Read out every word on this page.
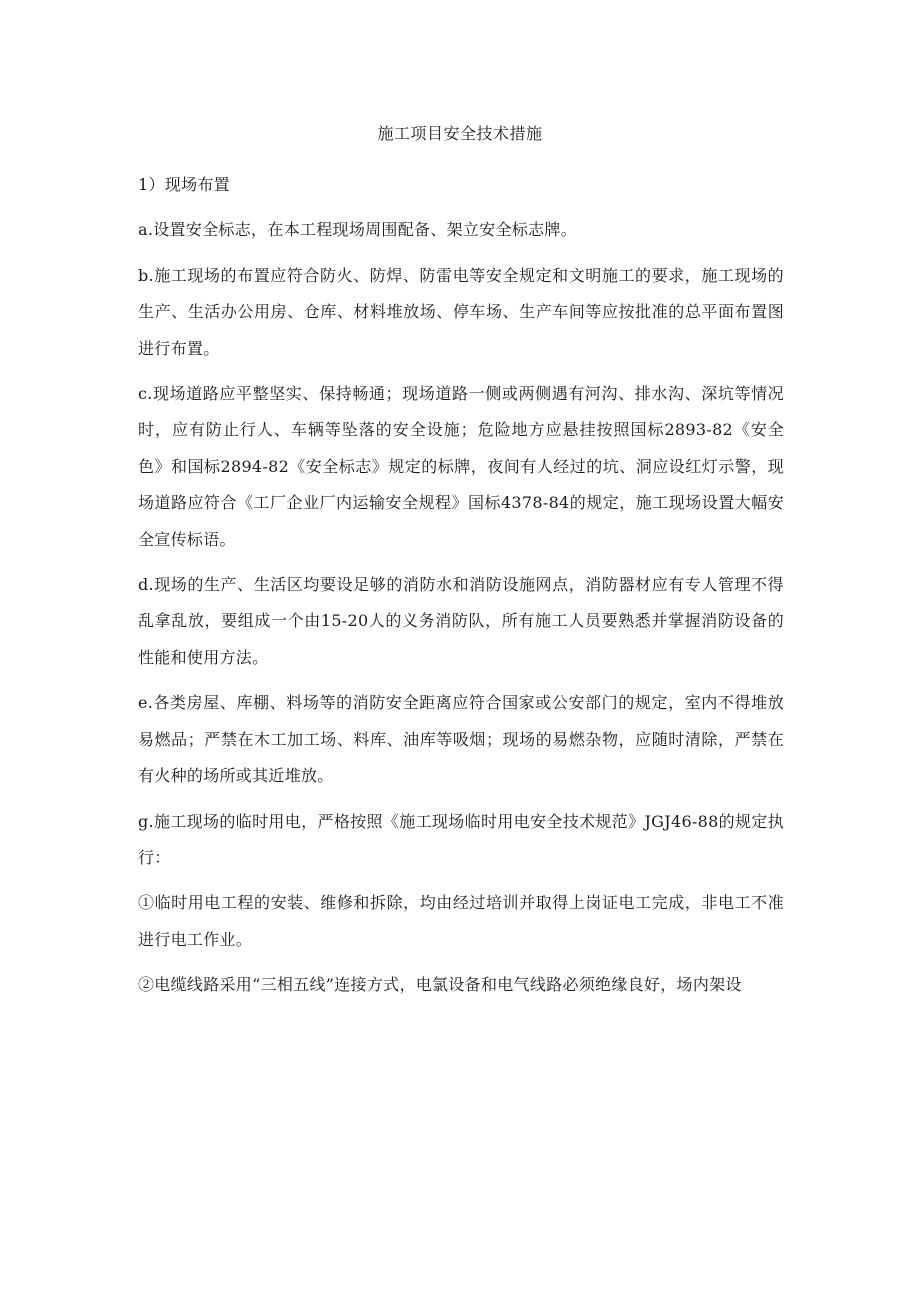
施工项目安全技术措施

1）现场布置

a.设置安全标志，在本工程现场周围配备、架立安全标志牌。

b.施工现场的布置应符合防火、防焊、防雷电等安全规定和文明施工的要求，施工现场的生产、生活办公用房、仓库、材料堆放场、停车场、生产车间等应按批准的总平面布置图进行布置。

c.现场道路应平整坚实、保持畅通；现场道路一侧或两侧遇有河沟、排水沟、深坑等情况时，应有防止行人、车辆等坠落的安全设施；危险地方应悬挂按照国标2893-82《安全色》和国标2894-82《安全标志》规定的标牌，夜间有人经过的坑、洞应设红灯示警，现场道路应符合《工厂企业厂内运输安全规程》国标4378-84的规定，施工现场设置大幅安全宣传标语。

d.现场的生产、生活区均要设足够的消防水和消防设施网点，消防器材应有专人管理不得乱拿乱放，要组成一个由15-20人的义务消防队，所有施工人员要熟悉并掌握消防设备的性能和使用方法。

e.各类房屋、库棚、料场等的消防安全距离应符合国家或公安部门的规定，室内不得堆放易燃品；严禁在木工加工场、料库、油库等吸烟；现场的易燃杂物，应随时清除，严禁在有火种的场所或其近堆放。

g.施工现场的临时用电，严格按照《施工现场临时用电安全技术规范》JGJ46-88的规定执行：

①临时用电工程的安装、维修和拆除，均由经过培训并取得上岗证电工完成，非电工不准进行电工作业。

②电缆线路采用“三相五线”连接方式，电氯设备和电气线路必须绝缘良好，场内架设
